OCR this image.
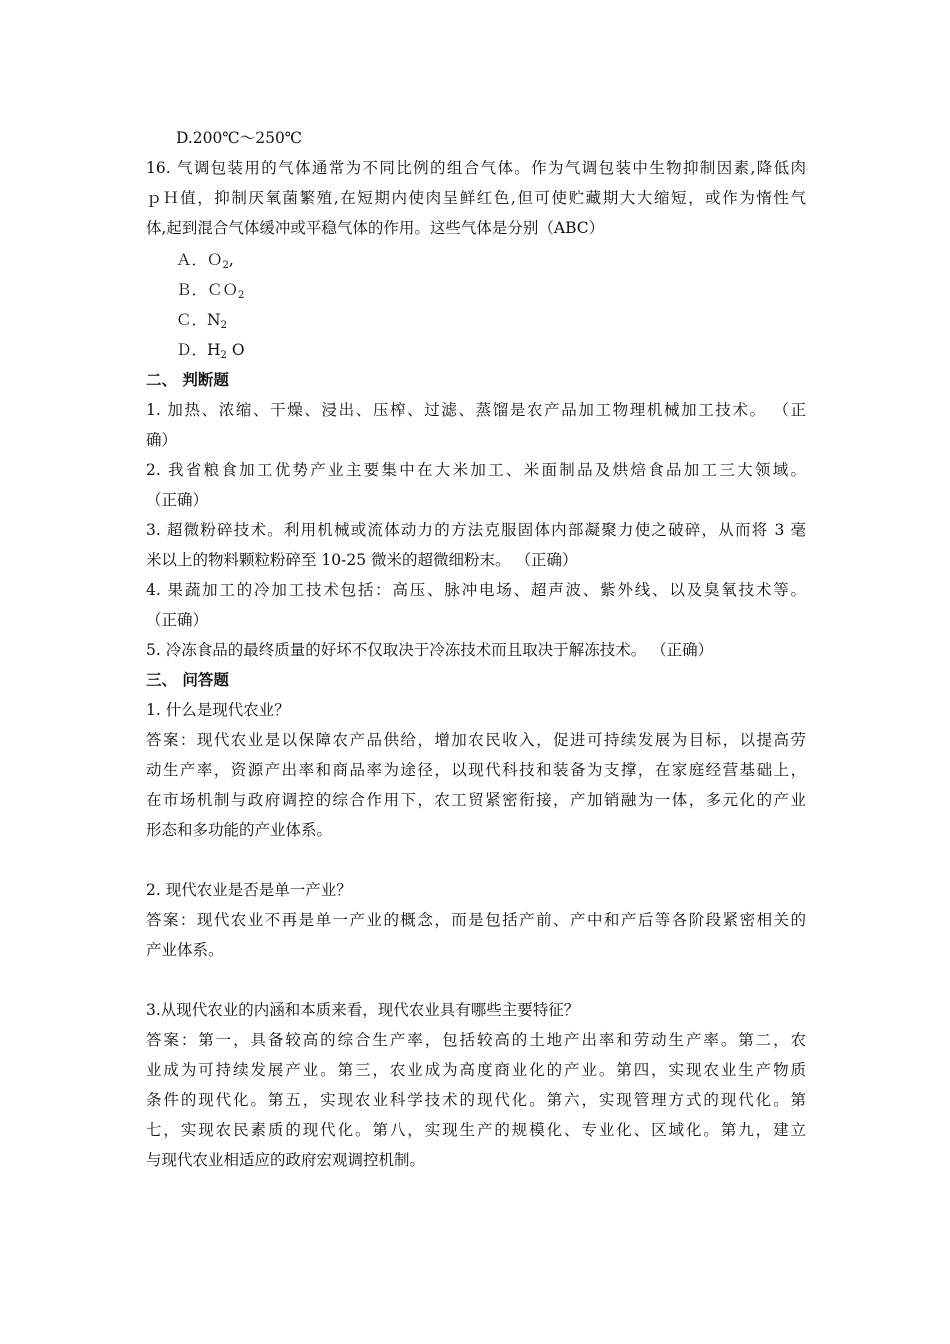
D.200℃～250℃
16. 气调包装用的气体通常为不同比例的组合气体。作为气调包装中生物抑制因素,降低肉
ｐＨ值，抑制厌氧菌繁殖,在短期内使肉呈鲜红色,但可使贮藏期大大缩短，或作为惰性气
体,起到混合气体缓冲或平稳气体的作用。这些气体是分别（ABC）
Ａ．Ｏ$_2$,
Ｂ．ＣＯ$_2$
Ｃ．$N_2$
Ｄ．$H_2$ O
二、 判断题
1. 加热、浓缩、干燥、浸出、压榨、过滤、蒸馏是农产品加工物理机械加工技术。 （正
确）
2. 我省粮食加工优势产业主要集中在大米加工、米面制品及烘焙食品加工三大领域。
（正确）
3. 超微粉碎技术。利用机械或流体动力的方法克服固体内部凝聚力使之破碎，从而将 3 毫
米以上的物料颗粒粉碎至 10-25 微米的超微细粉末。 （正确）
4. 果蔬加工的冷加工技术包括：高压、脉冲电场、超声波、紫外线、以及臭氧技术等。
（正确）
5. 冷冻食品的最终质量的好坏不仅取决于冷冻技术而且取决于解冻技术。 （正确）
三、 问答题
1. 什么是现代农业？
答案：现代农业是以保障农产品供给，增加农民收入，促进可持续发展为目标，以提高劳
动生产率，资源产出率和商品率为途径，以现代科技和装备为支撑，在家庭经营基础上，
在市场机制与政府调控的综合作用下，农工贸紧密衔接，产加销融为一体，多元化的产业
形态和多功能的产业体系。
2. 现代农业是否是单一产业？
答案：现代农业不再是单一产业的概念，而是包括产前、产中和产后等各阶段紧密相关的
产业体系。
3.从现代农业的内涵和本质来看，现代农业具有哪些主要特征？
答案：第一，具备较高的综合生产率，包括较高的土地产出率和劳动生产率。第二，农
业成为可持续发展产业。第三，农业成为高度商业化的产业。第四，实现农业生产物质
条件的现代化。第五，实现农业科学技术的现代化。第六，实现管理方式的现代化。第
七，实现农民素质的现代化。第八，实现生产的规模化、专业化、区域化。第九，建立
与现代农业相适应的政府宏观调控机制。
